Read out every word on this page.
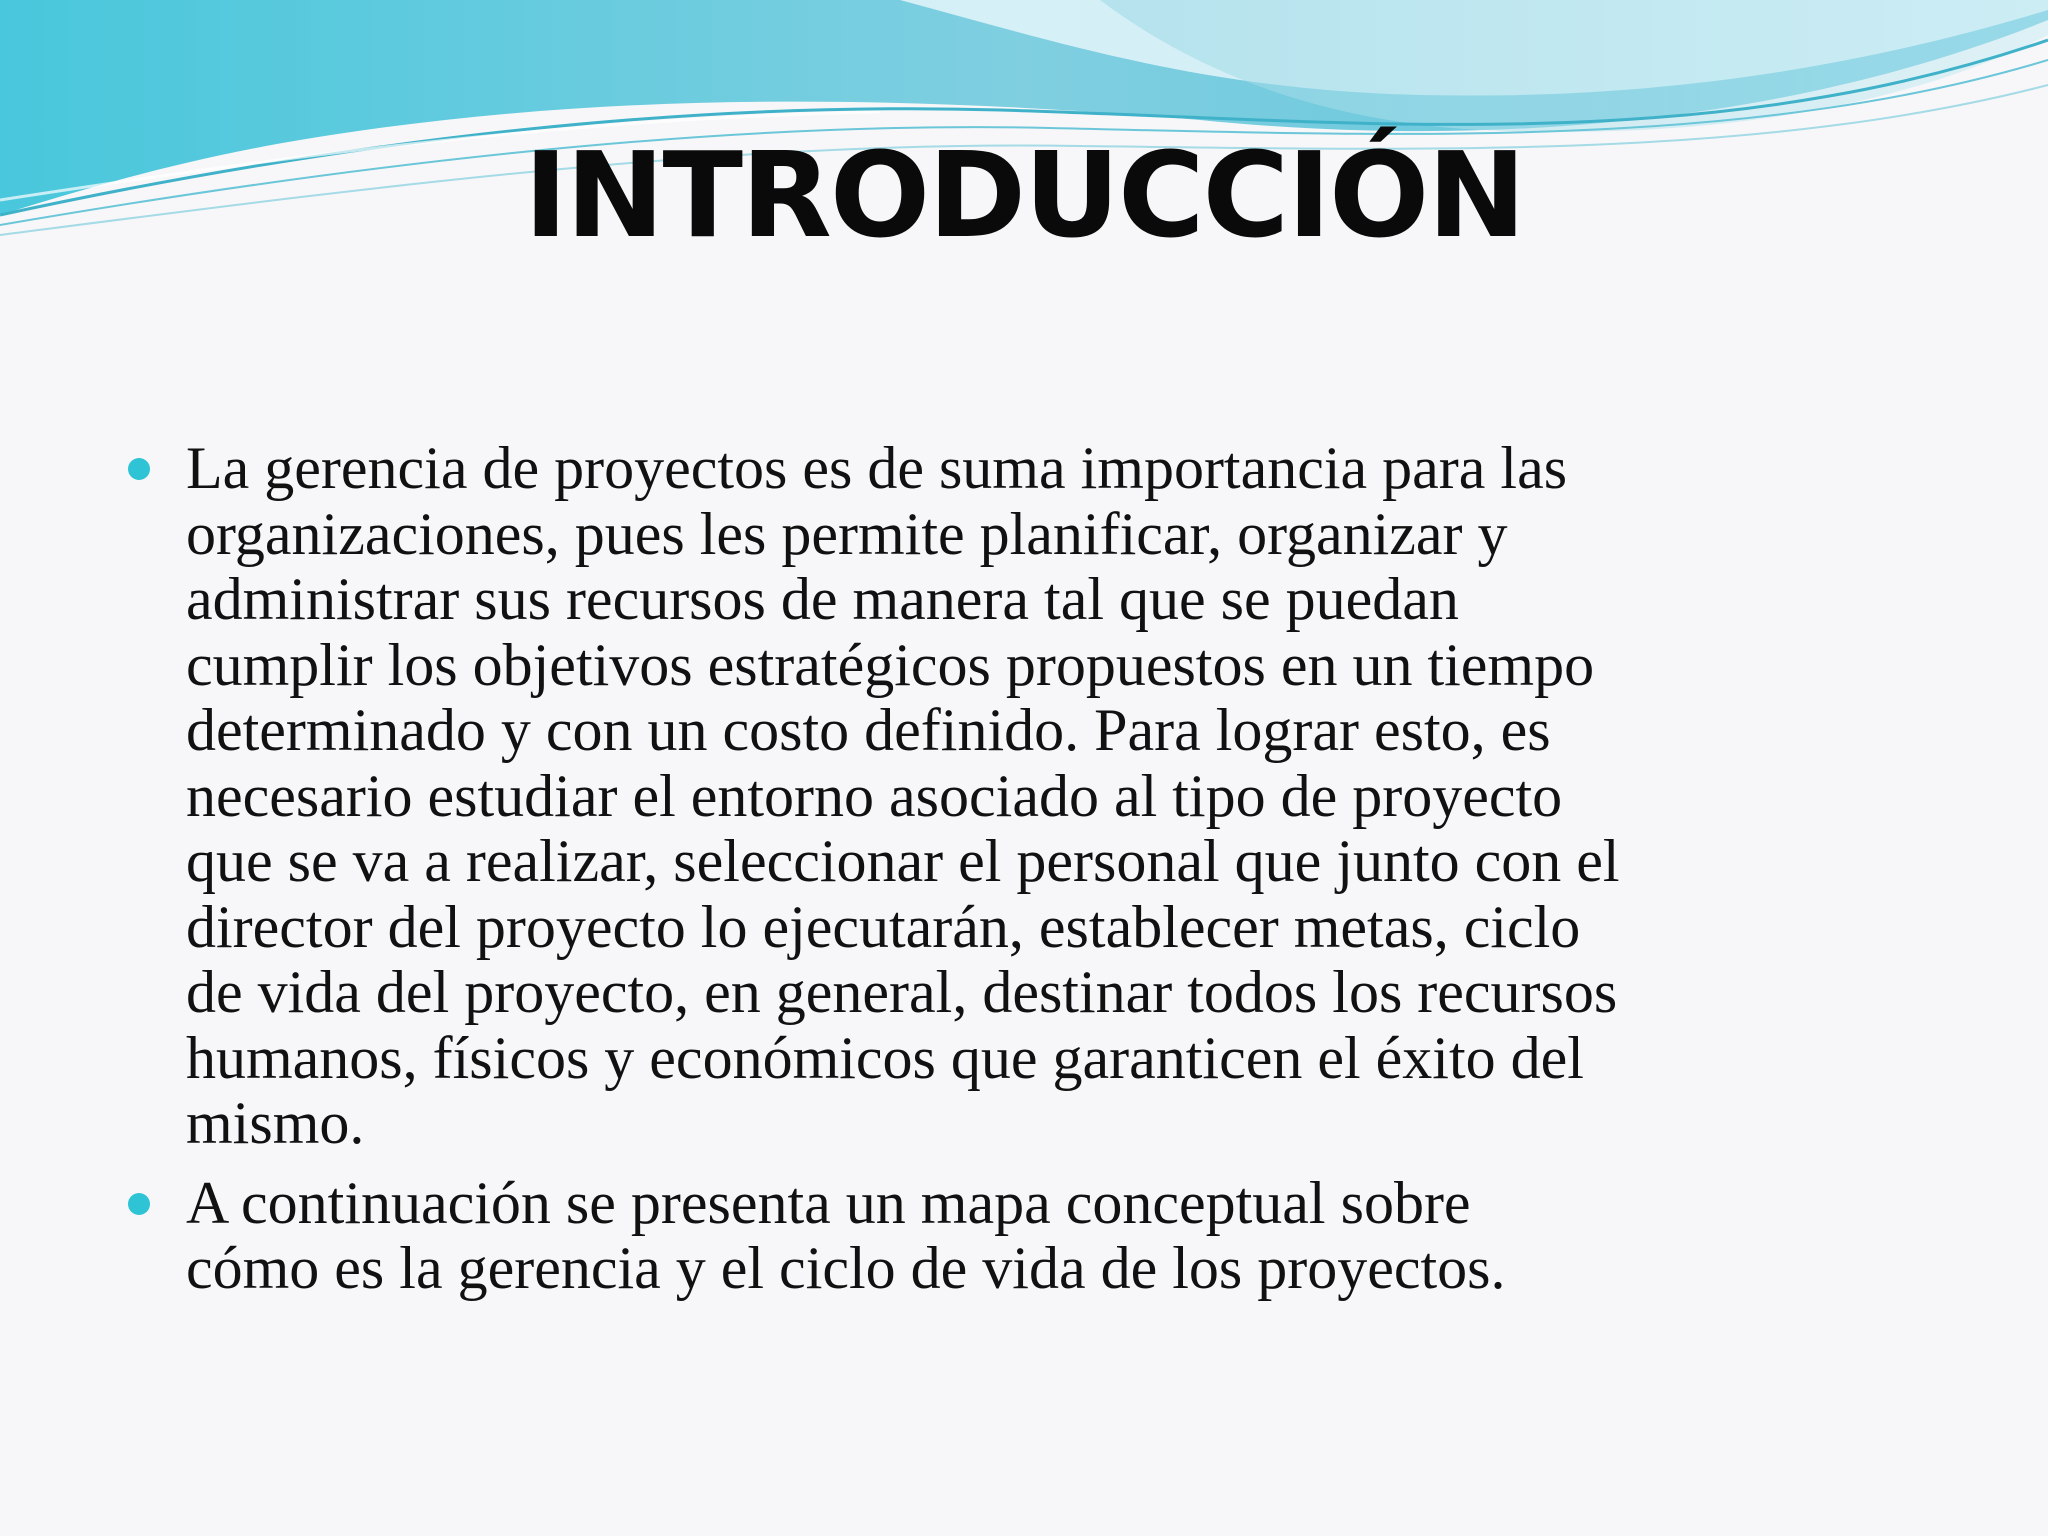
INTRODUCCIÓN
La gerencia de proyectos es de suma importancia para las
organizaciones, pues les permite planificar, organizar y
administrar sus recursos de manera tal que se puedan
cumplir los objetivos estratégicos propuestos en un tiempo
determinado y con un costo definido. Para lograr esto, es
necesario estudiar el entorno asociado al tipo de proyecto
que se va a realizar, seleccionar el personal que junto con el
director del proyecto lo ejecutarán, establecer metas, ciclo
de vida del proyecto, en general, destinar todos los recursos
humanos, físicos y económicos que garanticen el éxito del
mismo.
A continuación se presenta un mapa conceptual sobre
cómo es la gerencia y el ciclo de vida de los proyectos.
